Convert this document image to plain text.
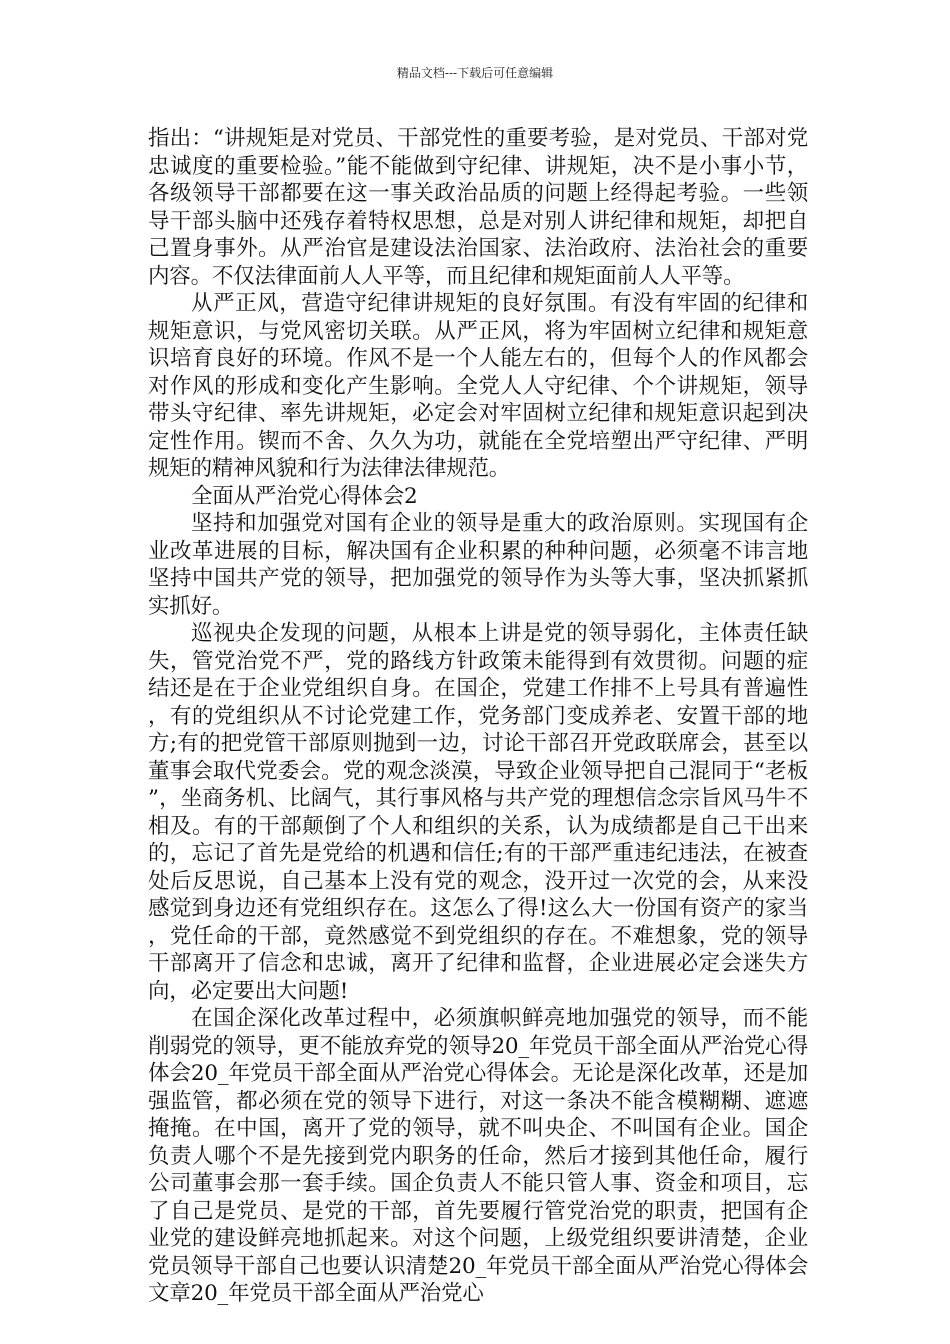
精品文档---下载后可任意编辑

指出：“讲规矩是对党员、干部党性的重要考验，是对党员、干部对党忠诚度的重要检验。”能不能做到守纪律、讲规矩，决不是小事小节，各级领导干部都要在这一事关政治品质的问题上经得起考验。一些领导干部头脑中还残存着特权思想，总是对别人讲纪律和规矩，却把自己置身事外。从严治官是建设法治国家、法治政府、法治社会的重要内容。不仅法律面前人人平等，而且纪律和规矩面前人人平等。

从严正风，营造守纪律讲规矩的良好氛围。有没有牢固的纪律和规矩意识，与党风密切关联。从严正风，将为牢固树立纪律和规矩意识培育良好的环境。作风不是一个人能左右的，但每个人的作风都会对作风的形成和变化产生影响。全党人人守纪律、个个讲规矩，领导带头守纪律、率先讲规矩，必定会对牢固树立纪律和规矩意识起到决定性作用。锲而不舍、久久为功，就能在全党培塑出严守纪律、严明规矩的精神风貌和行为法律法律规范。

全面从严治党心得体会2

坚持和加强党对国有企业的领导是重大的政治原则。实现国有企业改革进展的目标，解决国有企业积累的种种问题，必须毫不讳言地坚持中国共产党的领导，把加强党的领导作为头等大事，坚决抓紧抓实抓好。

巡视央企发现的问题，从根本上讲是党的领导弱化，主体责任缺失，管党治党不严，党的路线方针政策未能得到有效贯彻。问题的症结还是在于企业党组织自身。在国企，党建工作排不上号具有普遍性，有的党组织从不讨论党建工作，党务部门变成养老、安置干部的地方;有的把党管干部原则抛到一边，讨论干部召开党政联席会，甚至以董事会取代党委会。党的观念淡漠，导致企业领导把自己混同于“老板”，坐商务机、比阔气，其行事风格与共产党的理想信念宗旨风马牛不相及。有的干部颠倒了个人和组织的关系，认为成绩都是自己干出来的，忘记了首先是党给的机遇和信任;有的干部严重违纪违法，在被查处后反思说，自己基本上没有党的观念，没开过一次党的会，从来没感觉到身边还有党组织存在。这怎么了得!这么大一份国有资产的家当，党任命的干部，竟然感觉不到党组织的存在。不难想象，党的领导干部离开了信念和忠诚，离开了纪律和监督，企业进展必定会迷失方向，必定要出大问题!

在国企深化改革过程中，必须旗帜鲜亮地加强党的领导，而不能削弱党的领导，更不能放弃党的领导20_年党员干部全面从严治党心得体会20_年党员干部全面从严治党心得体会。无论是深化改革，还是加强监管，都必须在党的领导下进行，对这一条决不能含模糊糊、遮遮掩掩。在中国，离开了党的领导，就不叫央企、不叫国有企业。国企负责人哪个不是先接到党内职务的任命，然后才接到其他任命，履行公司董事会那一套手续。国企负责人不能只管人事、资金和项目，忘了自己是党员、是党的干部，首先要履行管党治党的职责，把国有企业党的建设鲜亮地抓起来。对这个问题，上级党组织要讲清楚，企业党员领导干部自己也要认识清楚20_年党员干部全面从严治党心得体会文章20_年党员干部全面从严治党心
